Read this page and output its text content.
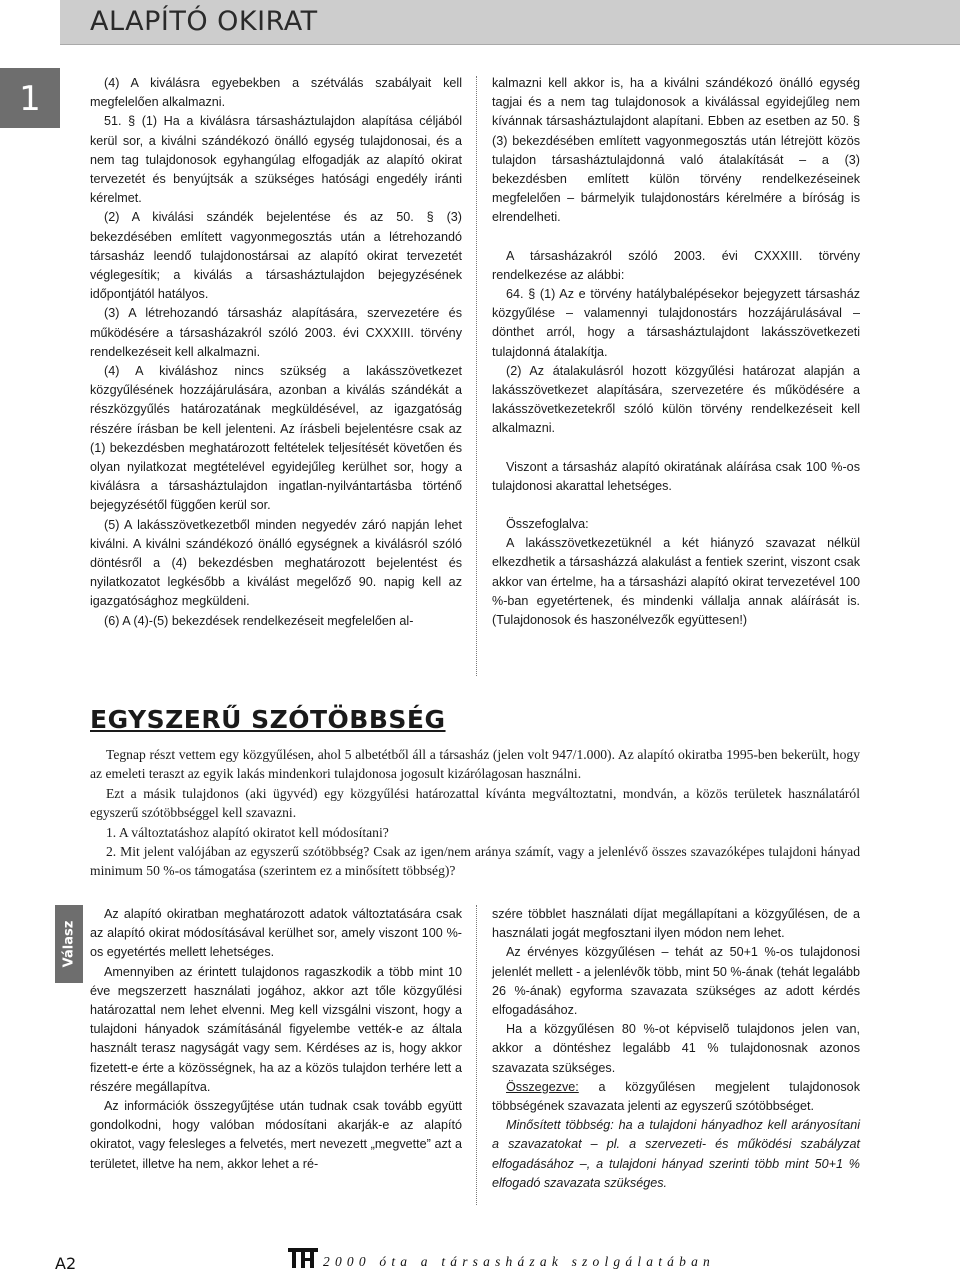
ALAPÍTÓ OKIRAT
1	(4) A kiválásra egyebekben a szétválás szabályait kell megfelelően alkalmazni.

51. § (1) Ha a kiválásra társasháztulajdon alapítása céljából kerül sor, a kiválni szándékozó önálló egység tulajdonosai, és a nem tag tulajdonosok egyhangúlag elfogadják az alapító okirat tervezetét és benyújtsák a szükséges hatósági engedély iránti kérelmet.

(2) A kiválási szándék bejelentése és az 50. § (3) bekezdésében említett vagyonmegosztás után a létrehozandó társasház leendő tulajdonostársai az alapító okirat tervezetét véglegesítik; a kiválás a társasháztulajdon bejegyzésének időpontjától hatályos.

(3) A létrehozandó társasház alapítására, szervezetére és működésére a társasházakról szóló 2003. évi CXXXIII. törvény rendelkezéseit kell alkalmazni.

(4) A kiváláshoz nincs szükség a lakásszövetkezet közgyűlésének hozzájárulására, azonban a kiválás szándékát a részközgyűlés határozatának megküldésével, az igazgatóság részére írásban be kell jelenteni. Az írásbeli bejelentésre csak az (1) bekezdésben meghatározott feltételek teljesítését követően és olyan nyilatkozat megtételével egyidejűleg kerülhet sor, hogy a kiválásra a társasháztulajdon ingatlan-nyilvántartásba történő bejegyzésétől függően kerül sor.

(5) A lakásszövetkezetből minden negyedév záró napján lehet kiválni. A kiválni szándékozó önálló egységnek a kiválásról szóló döntésről a (4) bekezdésben meghatározott bejelentést és nyilatkozatot legkésőbb a kiválást megelőző 90. napig kell az igazgatósághoz megküldeni.

(6) A (4)-(5) bekezdések rendelkezéseit megfelelően al-

kalmazni kell akkor is, ha a kiválni szándékozó önálló egység tagjai és a nem tag tulajdonosok a kiválással egyidejűleg nem kívánnak társasháztulajdont alapítani. Ebben az esetben az 50. § (3) bekezdésében említett vagyonmegosztás után létrejött közös tulajdon társasháztulajdonná való átalakítását – a (3) bekezdésben említett külön törvény rendelkezéseinek megfelelően – bármelyik tulajdonostárs kérelmére a bíróság is elrendelheti.

A társasházakról szóló 2003. évi CXXXIII. törvény rendelkezése az alábbi:

64. § (1) Az e törvény hatálybalépésekor bejegyzett társasház közgyűlése – valamennyi tulajdonostárs hozzájárulásával – dönthet arról, hogy a társasháztulajdont lakásszövetkezeti tulajdonná átalakítja.

(2) Az átalakulásról hozott közgyűlési határozat alapján a lakásszövetkezet alapítására, szervezetére és működésére a lakásszövetkezetekről szóló külön törvény rendelkezéseit kell alkalmazni.

Viszont a társasház alapító okiratának aláírása csak 100 %-os tulajdonosi akarattal lehetséges.

Összefoglalva:

A lakásszövetkezetüknél a két hiányzó szavazat nélkül elkezdhetik a társasházzá alakulást a fentiek szerint, viszont csak akkor van értelme, ha a társasházi alapító okirat tervezetével 100 %-ban egyetértenek, és mindenki vállalja annak aláírását is. (Tulajdonosok és haszonélvezők együttesen!)

EGYSZERŰ SZÓTÖBBSÉG

Tegnap részt vettem egy közgyűlésen, ahol 5 albetétből áll a társasház (jelen volt 947/1.000). Az alapító okiratba 1995-ben bekerült, hogy az emeleti teraszt az egyik lakás mindenkori tulajdonosa jogosult kizárólagosan használni.

Ezt a másik tulajdonos (aki ügyvéd) egy közgyűlési határozattal kívánta megváltoztatni, mondván, a közös területek használatáról egyszerű szótöbbséggel kell szavazni.

1. A változtatáshoz alapító okiratot kell módosítani?

2. Mit jelent valójában az egyszerű szótöbbség? Csak az igen/nem aránya számít, vagy a jelenlévő összes szavazóképes tulajdoni hányad minimum 50 %-os támogatása (szerintem ez a minősített többség)?

Válasz

Az alapító okiratban meghatározott adatok változtatására csak az alapító okirat módosításával kerülhet sor, amely viszont 100 %-os egyetértés mellett lehetséges.

Amennyiben az érintett tulajdonos ragaszkodik a több mint 10 éve megszerzett használati jogához, akkor azt tőle közgyűlési határozattal nem lehet elvenni. Meg kell vizsgálni viszont, hogy a tulajdoni hányadok számításánál figyelembe vették-e az általa használt terasz nagyságát vagy sem. Kérdéses az is, hogy akkor fizetett-e érte a közösségnek, ha az a közös tulajdon terhére lett a részére megállapítva.

Az információk összegyűjtése után tudnak csak tovább együtt gondolkodni, hogy valóban módosítani akarják-e az alapító okiratot, vagy felesleges a felvetés, mert nevezett „megvette” azt a területet, illetve ha nem, akkor lehet a ré-

szére többlet használati díjat megállapítani a közgyűlésen, de a használati jogát megfosztani ilyen módon nem lehet.

Az érvényes közgyűlésen – tehát az 50+1 %-os tulajdonosi jelenlét mellett - a jelenlévõk több, mint 50 %-ának (tehát legalább 26 %-ának) egyforma szavazata szükséges az adott kérdés elfogadásához.

Ha a közgyűlésen 80 %-ot képviselõ tulajdonos jelen van, akkor a döntéshez legalább 41 % tulajdonosnak azonos szavazata szükséges.

Összegezve: a közgyűlésen megjelent tulajdonosok többségének szavazata jelenti az egyszerű szótöbbséget.

Minősített többség: ha a tulajdoni hányadhoz kell arányosítani a szavazatokat – pl. a szervezeti- és működési szabályzat elfogadásához –, a tulajdoni hányad szerinti több mint 50+1 % elfogadó szavazata szükséges.

A2	2000 óta a társasházak szolgálatában
